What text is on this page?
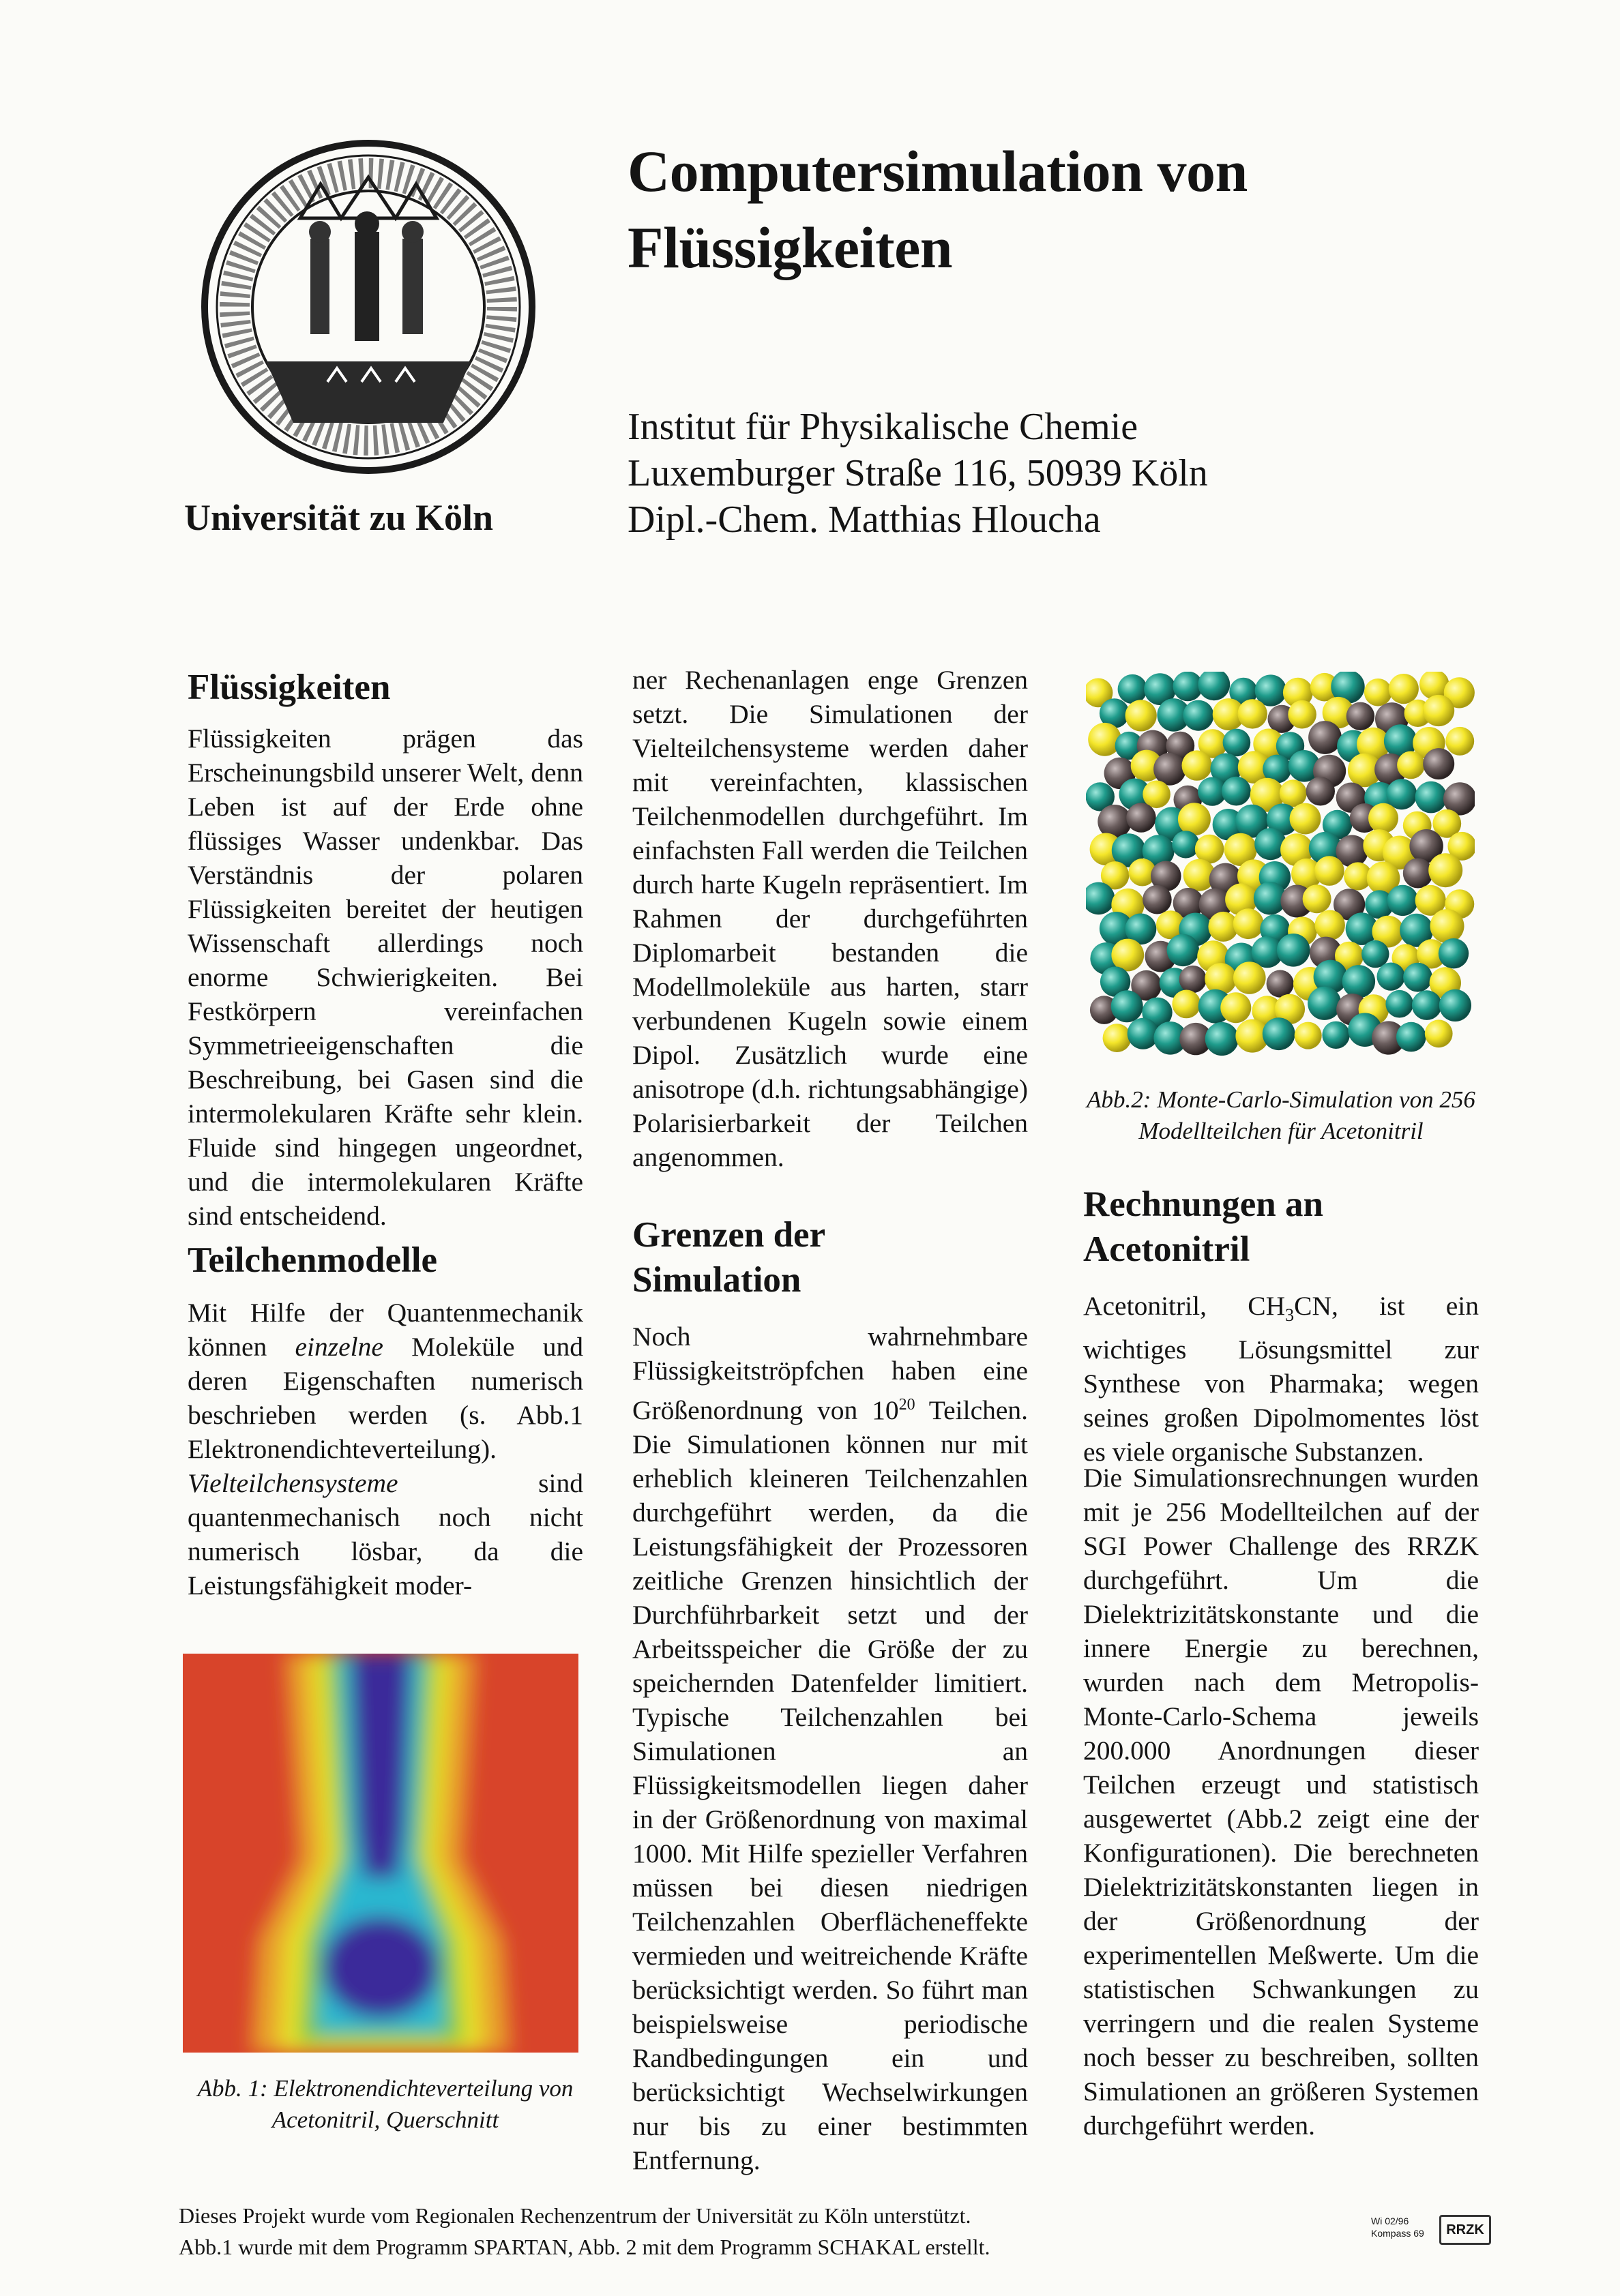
Computersimulation von
Flüssigkeiten
Institut für Physikalische Chemie
Luxemburger Straße 116, 50939 Köln
Dipl.-Chem. Matthias Hloucha
Universität zu Köln
Flüssigkeiten

Flüssigkeiten prägen das Erscheinungsbild unserer Welt, denn Leben ist auf der Erde ohne flüssiges Wasser undenkbar. Das Verständnis der polaren Flüssigkeiten bereitet der heutigen Wissenschaft allerdings noch enorme Schwierigkeiten. Bei Festkörpern vereinfachen Symmetrieeigenschaften die Beschreibung, bei Gasen sind die intermolekularen Kräfte sehr klein. Fluide sind hingegen ungeordnet, und die intermolekularen Kräfte sind entscheidend.

Teilchenmodelle

Mit Hilfe der Quantenmechanik können einzelne Moleküle und deren Eigenschaften numerisch beschrieben werden (s. Abb.1 Elektronendichteverteilung). Vielteilchensysteme sind quantenmechanisch noch nicht numerisch lösbar, da die Leistungsfähigkeit moder-

Abb. 1: Elektronendichteverteilung von Acetonitril, Querschnitt

ner Rechenanlagen enge Grenzen setzt. Die Simulationen der Vielteilchensysteme werden daher mit vereinfachten, klassischen Teilchenmodellen durchgeführt. Im einfachsten Fall werden die Teilchen durch harte Kugeln repräsentiert. Im Rahmen der durchgeführten Diplomarbeit bestanden die Modellmoleküle aus harten, starr verbundenen Kugeln sowie einem Dipol. Zusätzlich wurde eine anisotrope (d.h. richtungsabhängige) Polarisierbarkeit der Teilchen angenommen.

Grenzen der
Simulation

Noch wahrnehmbare Flüssigkeitströpfchen haben eine Größenordnung von $10^{20}$ Teilchen. Die Simulationen können nur mit erheblich kleineren Teilchenzahlen durchgeführt werden, da die Leistungsfähigkeit der Prozessoren zeitliche Grenzen hinsichtlich der Durchführbarkeit setzt und der Arbeitsspeicher die Größe der zu speichernden Datenfelder limitiert. Typische Teilchenzahlen bei Simulationen an Flüssigkeitsmodellen liegen daher in der Größenordnung von maximal 1000. Mit Hilfe spezieller Verfahren müssen bei diesen niedrigen Teilchenzahlen Oberflächeneffekte vermieden und weitreichende Kräfte berücksichtigt werden. So führt man beispielsweise periodische Randbedingungen ein und berücksichtigt Wechselwirkungen nur bis zu einer bestimmten Entfernung.

Abb.2: Monte-Carlo-Simulation von 256 Modellteilchen für Acetonitril

Rechnungen an
Acetonitril

Acetonitril, $CH_3CN$, ist ein wichtiges Lösungsmittel zur Synthese von Pharmaka; wegen seines großen Dipolmomentes löst es viele organische Substanzen.

Die Simulationsrechnungen wurden mit je 256 Modellteilchen auf der SGI Power Challenge des RRZK durchgeführt. Um die Dielektrizitätskonstante und die innere Energie zu berechnen, wurden nach dem Metropolis-Monte-Carlo-Schema jeweils 200.000 Anordnungen dieser Teilchen erzeugt und statistisch ausgewertet (Abb.2 zeigt eine der Konfigurationen). Die berechneten Dielektrizitätskonstanten liegen in der Größenordnung der experimentellen Meßwerte. Um die statistischen Schwankungen zu verringern und die realen Systeme noch besser zu beschreiben, sollten Simulationen an größeren Systemen durchgeführt werden.

Dieses Projekt wurde vom Regionalen Rechenzentrum der Universität zu Köln unterstützt.
Abb.1 wurde mit dem Programm SPARTAN, Abb. 2 mit dem Programm SCHAKAL erstellt.
Wi 02/96
Kompass 69	RRZK
